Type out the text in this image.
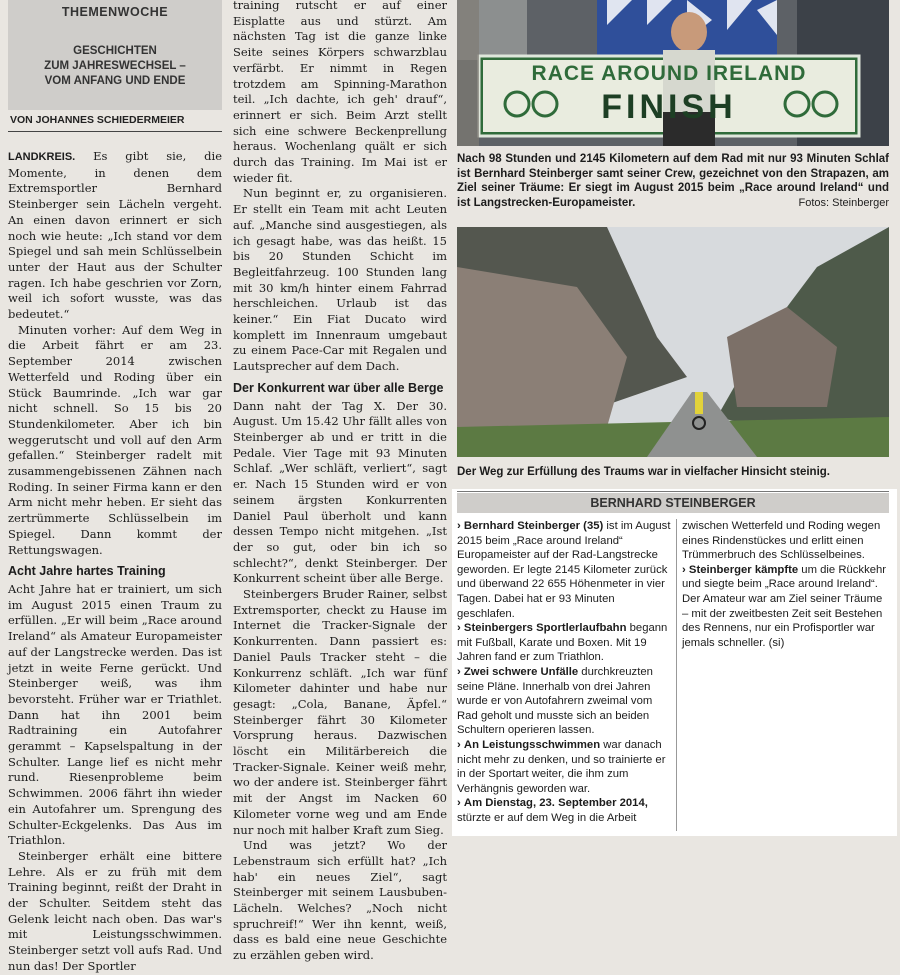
THEMENWOCHE
GESCHICHTEN
ZUM JAHRESWECHSEL –
VOM ANFANG UND ENDE
VON JOHANNES SCHIEDERMEIER

LANDKREIS. Es gibt sie, die Momente, in denen dem Extremsportler Bernhard Steinberger sein Lächeln vergeht. An einen davon erinnert er sich noch wie heute: „Ich stand vor dem Spiegel und sah mein Schlüsselbein unter der Haut aus der Schulter ragen. Ich habe geschrien vor Zorn, weil ich sofort wusste, was das bedeutet.“

Minuten vorher: Auf dem Weg in die Arbeit fährt er am 23. September 2014 zwischen Wetterfeld und Roding über ein Stück Baumrinde. „Ich war gar nicht schnell. So 15 bis 20 Stundenkilometer. Aber ich bin weggerutscht und voll auf den Arm gefallen.“ Steinberger radelt mit zusammengebissenen Zähnen nach Roding. In seiner Firma kann er den Arm nicht mehr heben. Er sieht das zertrümmerte Schlüsselbein im Spiegel. Dann kommt der Rettungswagen.

Acht Jahre hartes Training

Acht Jahre hat er trainiert, um sich im August 2015 einen Traum zu erfüllen. „Er will beim „Race around Ireland“ als Amateur Europameister auf der Langstrecke werden. Das ist jetzt in weite Ferne gerückt. Und Steinberger weiß, was ihm bevorsteht. Früher war er Triathlet. Dann hat ihn 2001 beim Radtraining ein Autofahrer gerammt – Kapselspaltung in der Schulter. Lange lief es nicht mehr rund. Riesenprobleme beim Schwimmen. 2006 fährt ihn wieder ein Autofahrer um. Sprengung des Schulter-Eckgelenks. Das Aus im Triathlon.

Steinberger erhält eine bittere Lehre. Als er zu früh mit dem Training beginnt, reißt der Draht in der Schulter. Seitdem steht das Gelenk leicht nach oben. Das war's mit Leistungsschwimmen. Steinberger setzt voll aufs Rad. Und nun das! Der Sportler

training rutscht er auf einer Eisplatte aus und stürzt. Am nächsten Tag ist die ganze linke Seite seines Körpers schwarzblau verfärbt. Er nimmt in Regen trotzdem am Spinning-Marathon teil. „Ich dachte, ich geh' drauf“, erinnert er sich. Beim Arzt stellt sich eine schwere Beckenprellung heraus. Wochenlang quält er sich durch das Training. Im Mai ist er wieder fit.

Nun beginnt er, zu organisieren. Er stellt ein Team mit acht Leuten auf. „Manche sind ausgestiegen, als ich gesagt habe, was das heißt. 15 bis 20 Stunden Schicht im Begleitfahrzeug. 100 Stunden lang mit 30 km/h hinter einem Fahrrad herschleichen. Urlaub ist das keiner.“ Ein Fiat Ducato wird komplett im Innenraum umgebaut zu einem Pace-Car mit Regalen und Lautsprecher auf dem Dach.

Der Konkurrent war über alle Berge

Dann naht der Tag X. Der 30. August. Um 15.42 Uhr fällt alles von Steinberger ab und er tritt in die Pedale. Vier Tage mit 93 Minuten Schlaf. „Wer schläft, verliert“, sagt er. Nach 15 Stunden wird er von seinem ärgsten Konkurrenten Daniel Paul überholt und kann dessen Tempo nicht mitgehen. „Ist der so gut, oder bin ich so schlecht?“, denkt Steinberger. Der Konkurrent scheint über alle Berge.

Steinbergers Bruder Rainer, selbst Extremsporter, checkt zu Hause im Internet die Tracker-Signale der Konkurrenten. Dann passiert es: Daniel Pauls Tracker steht – die Konkurrenz schläft. „Ich war fünf Kilometer dahinter und habe nur gesagt: „Cola, Banane, Äpfel.“ Steinberger fährt 30 Kilometer Vorsprung heraus. Dazwischen löscht ein Militärbereich die Tracker-Signale. Keiner weiß mehr, wo der andere ist. Steinberger fährt mit der Angst im Nacken 60 Kilometer vorne weg und am Ende nur noch mit halber Kraft zum Sieg.

Und was jetzt? Wo der Lebenstraum sich erfüllt hat? „Ich hab' ein neues Ziel“, sagt Steinberger mit seinem Lausbuben-Lächeln. Welches? „Noch nicht spruchreif!“ Wer ihn kennt, weiß, dass es bald eine neue Geschichte zu erzählen geben wird.

RACE AROUND IRELAND
FINISH
Nach 98 Stunden und 2145 Kilometern auf dem Rad mit nur 93 Minuten Schlaf ist Bernhard Steinberger samt seiner Crew, gezeichnet von den Strapazen, am Ziel seiner Träume: Er siegt im August 2015 beim „Race around Ireland“ und ist Langstrecken-Europameister.	Fotos: Steinberger
Der Weg zur Erfüllung des Traums war in vielfacher Hinsicht steinig.
BERNHARD STEINBERGER

› Bernhard Steinberger (35) ist im August 2015 beim „Race around Ireland“ Europameister auf der Rad-Langstrecke geworden. Er legte 2145 Kilometer zurück und überwand 22 655 Höhenmeter in vier Tagen. Dabei hat er 93 Minuten geschlafen.

› Steinbergers Sportlerlaufbahn begann mit Fußball, Karate und Boxen. Mit 19 Jahren fand er zum Triathlon.

› Zwei schwere Unfälle durchkreuzten seine Pläne. Innerhalb von drei Jahren wurde er von Autofahrern zweimal vom Rad geholt und musste sich an beiden Schultern operieren lassen.

› An Leistungsschwimmen war danach nicht mehr zu denken, und so trainierte er in der Sportart weiter, die ihm zum Verhängnis geworden war.

› Am Dienstag, 23. September 2014, stürzte er auf dem Weg in die Arbeit

zwischen Wetterfeld und Roding wegen eines Rindenstückes und erlitt einen Trümmerbruch des Schlüsselbeines.

› Steinberger kämpfte um die Rückkehr und siegte beim „Race around Ireland“. Der Amateur war am Ziel seiner Träume – mit der zweitbesten Zeit seit Bestehen des Rennens, nur ein Profisportler war jemals schneller. (si)
